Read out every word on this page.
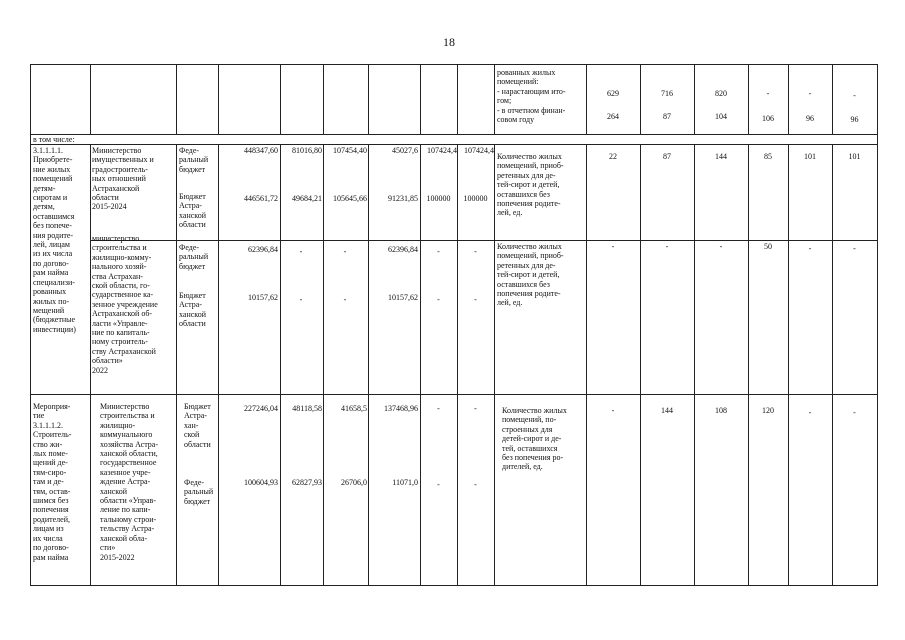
18
рованных жилых
помещений:
- нарастающим ито-
гом;
- в отчетном финан-
совом году
629	716	820	-	-	-
264	87	104	106	96	96
в том числе:
3.1.1.1.1.
Приобрете-
ние жилых
помещений
детям-
сиротам и
детям,
оставшимся
без попече-
ния родите-
лей, лицам
из их числа
по догово-
рам найма
специализи-
рованных
жилых по-
мещений
(бюджетные
инвестиции)
Министерство
имущественных и
градостроитель-
ных отношений
Астраханской
области
2015-2024
Феде-
ральный
бюджет
448347,60	81016,80	107454,40	45027,6	107424,4 107424,4
Бюджет
Астра-
ханской
области
446561,72	49684,21	105645,66	91231,85	100000	100000
Количество жилых
помещений, приоб-
ретенных для де-
тей-сирот и детей,
оставшихся без
попечения родите-
лей, ед.
22	87	144	85	101	101
министерство
строительства и
жилищно-комму-
нального хозяй-
ства Астрахан-
ской области, го-
сударственное ка-
зенное учреждение
Астраханской об-
ласти «Управле-
ние по капиталь-
ному строитель-
ству Астраханской
области»
2022
Феде-
ральный
бюджет
62396,84	-	-	62396,84	-	-
Бюджет
Астра-
ханской
области
10157,62	-	-	10157,62	-	-
Количество жилых
помещений, приоб-
ретенных для де-
тей-сирот и детей,
оставшихся без
попечения родите-
лей, ед.
-	-	-	50	-	-
Мероприя-
тие
3.1.1.1.2.
Строитель-
ство жи-
лых поме-
щений де-
тям-сиро-
там и де-
тям, остав-
шимся без
попечения
родителей,
лицам из
их числа
по догово-
рам найма
Министерство
строительства и
жилищно-
коммунального
хозяйства Астра-
ханской области,
государственное
казенное учре-
ждение Астра-
ханской
области «Управ-
ление по капи-
тальному строи-
тельству Астра-
ханской обла-
сти»
2015-2022
Бюджет
Астра-
хан-
ской
области
227246,04	48118,58	41658,5	137468,96	-	-
Феде-
ральный
бюджет
100604,93	62827,93	26706,0	11071,0	-	-
Количество жилых
помещений, по-
строенных для
детей-сирот и де-
тей, оставшихся
без попечения ро-
дителей, ед.
-	144	108	120	-	-
